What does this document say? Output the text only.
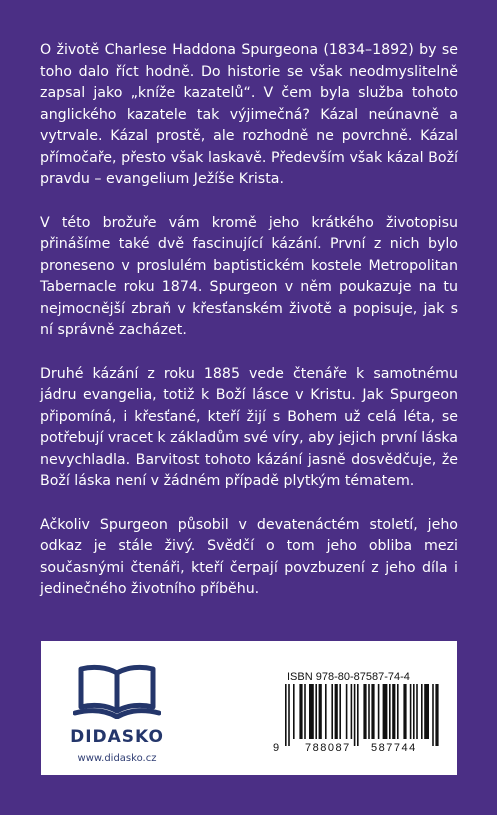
O životě Charlese Haddona Spurgeona (1834–1892) by se toho dalo říct hodně. Do historie se však neodmyslitelně zapsal jako „kníže kazatelů“. V čem byla služba tohoto anglického kazatele tak výjimečná? Kázal neúnavně a vytrvale. Kázal prostě, ale rozhodně ne povrchně. Kázal přímočaře, přesto však laskavě. Především však kázal Boží pravdu – evangelium Ježíše Krista.

V této brožuře vám kromě jeho krátkého životopisu přinášíme také dvě fascinující kázání. První z nich bylo proneseno v proslulém baptistickém kostele Metropolitan Tabernacle roku 1874. Spurgeon v něm poukazuje na tu nejmocnější zbraň v křesťanském životě a popisuje, jak s ní správně zacházet.

Druhé kázání z roku 1885 vede čtenáře k samotnému jádru evangelia, totiž k Boží lásce v Kristu. Jak Spurgeon připomíná, i křesťané, kteří žijí s Bohem už celá léta, se potřebují vracet k základům své víry, aby jejich první láska nevychladla. Barvitost tohoto kázání jasně dosvědčuje, že Boží láska není v žádném případě plytkým tématem.

Ačkoliv Spurgeon působil v devatenáctém století, jeho odkaz je stále živý. Svědčí o tom jeho obliba mezi současnými čtenáři, kteří čerpají povzbuzení z jeho díla i jedinečného životního příběhu.

DIDASKO
www.didasko.cz
ISBN 978-80-87587-74-4
9 788087 587744
